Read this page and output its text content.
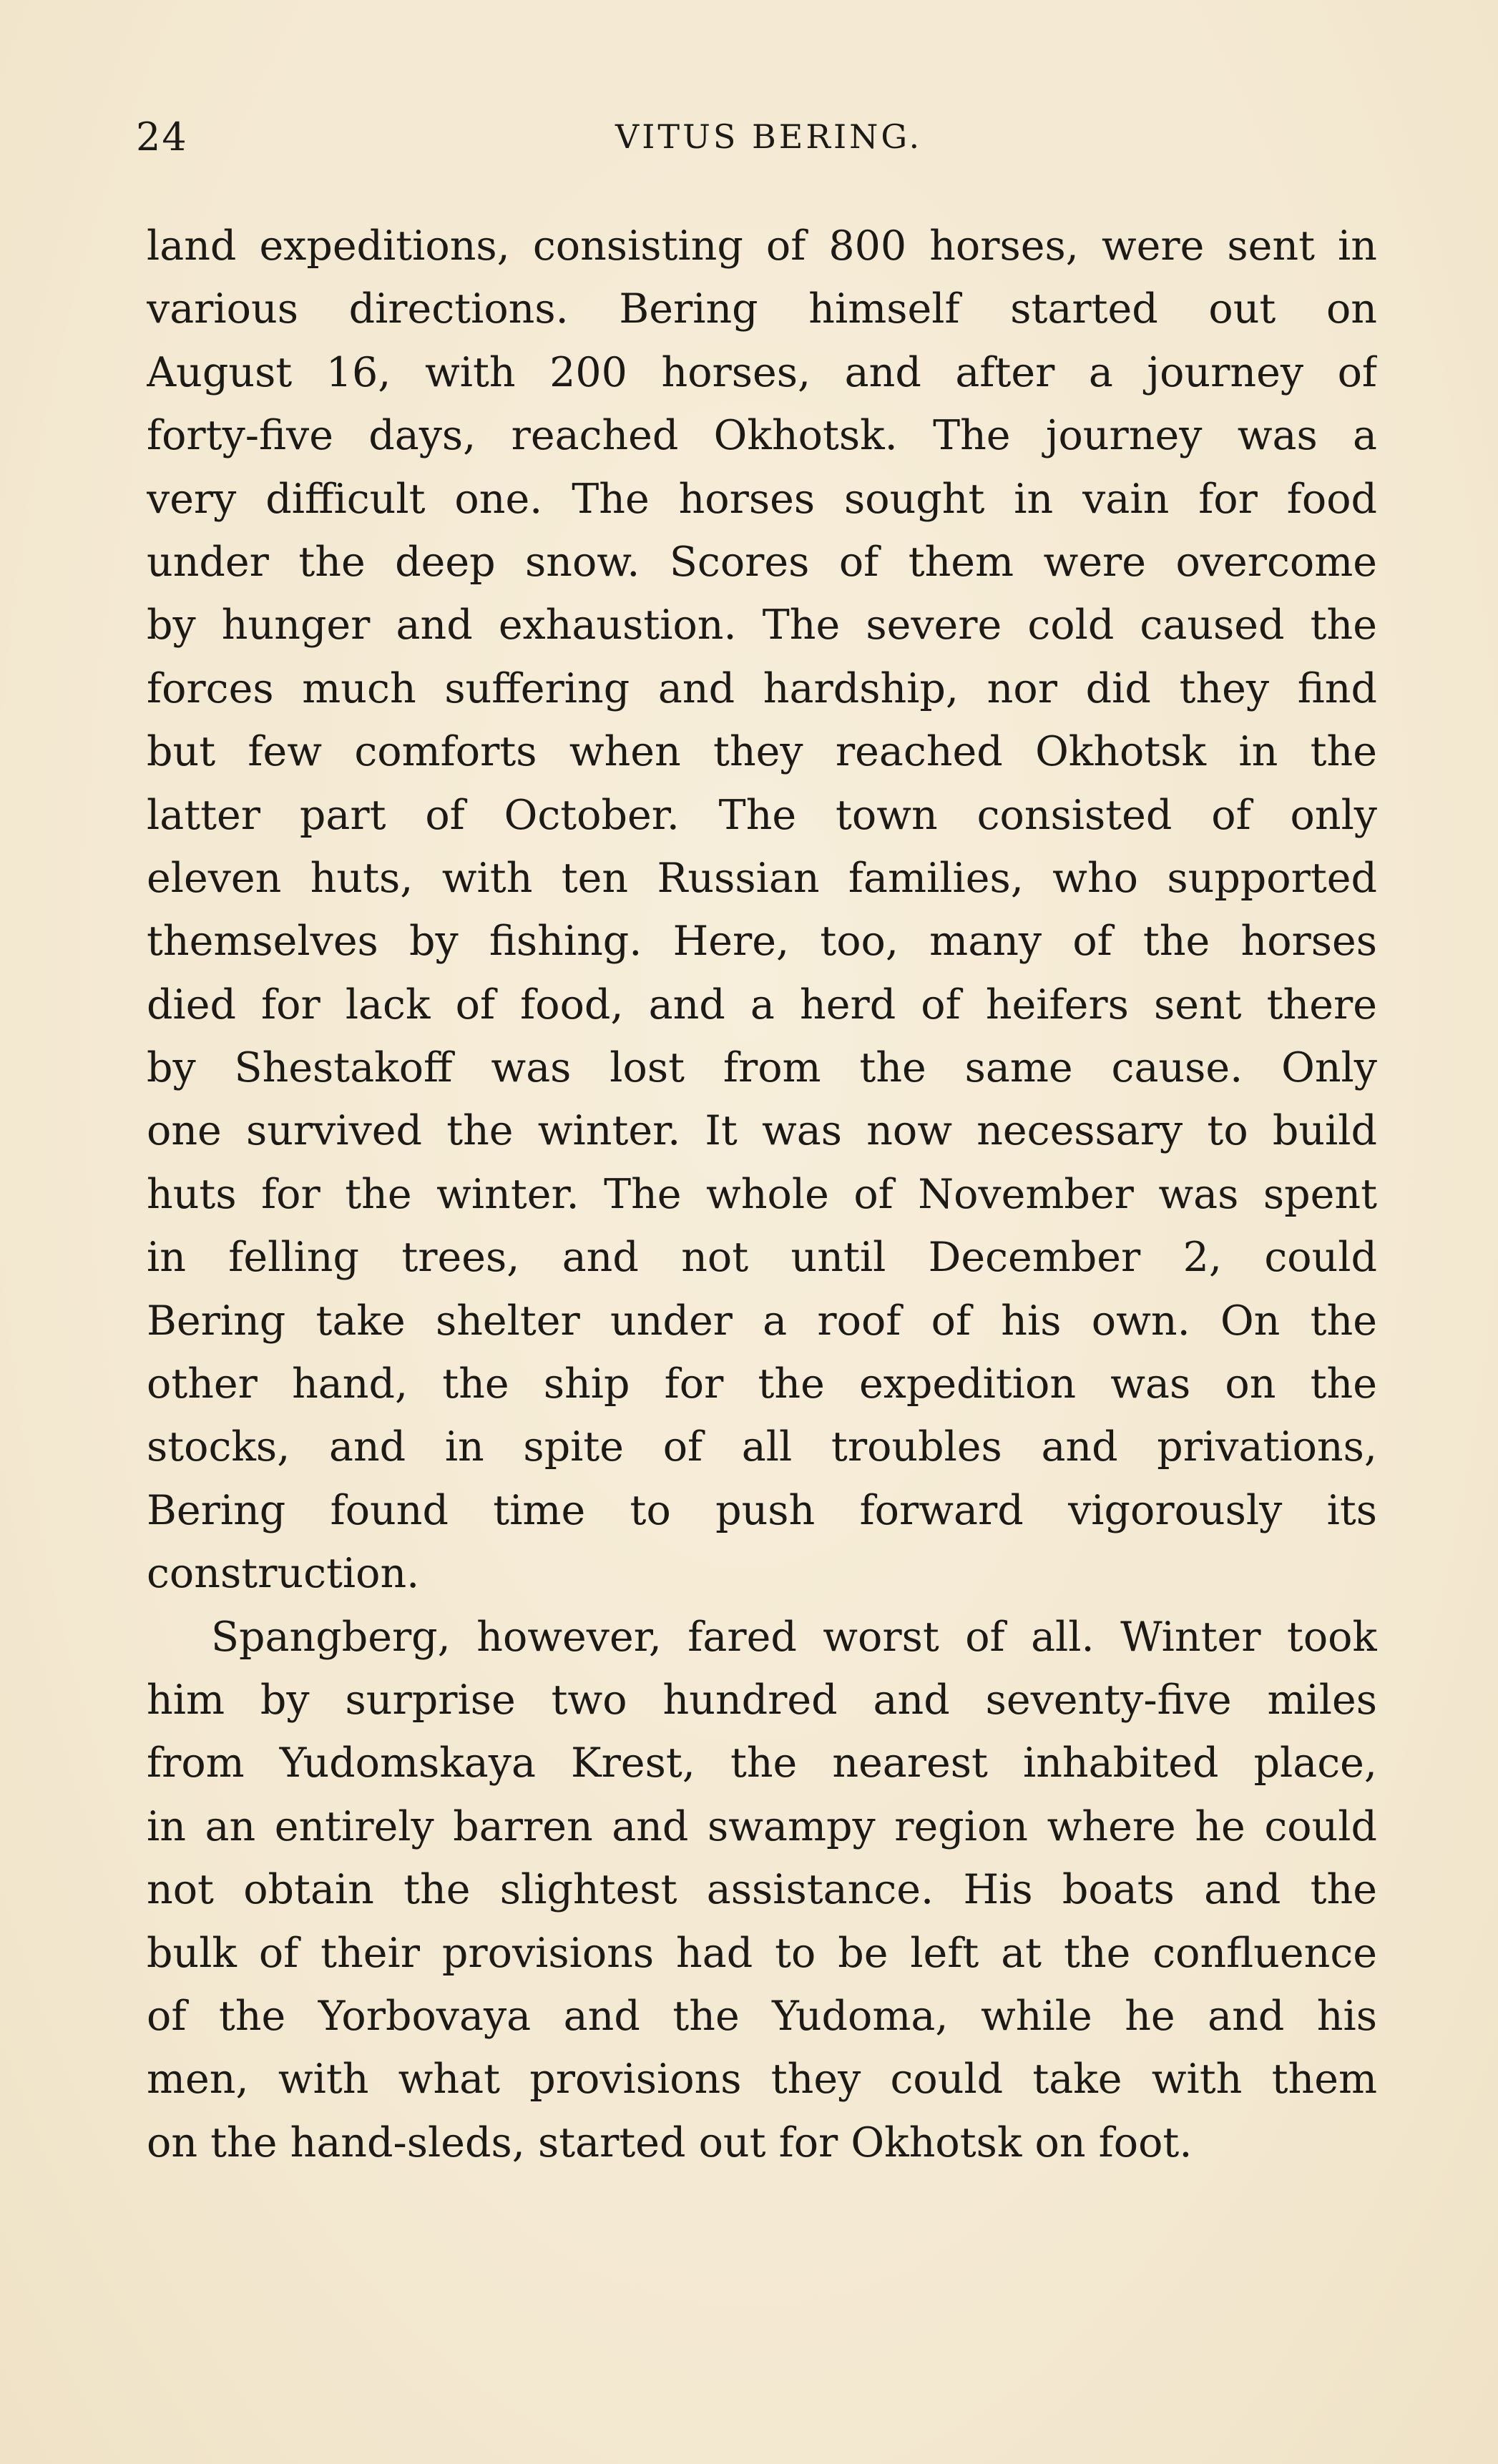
24	VITUS BERING.
land expeditions, consisting of 800 horses, were sent in
various directions. Bering himself started out on
August 16, with 200 horses, and after a journey of
forty-five days, reached Okhotsk. The journey was a
very difficult one. The horses sought in vain for food
under the deep snow. Scores of them were overcome
by hunger and exhaustion. The severe cold caused the
forces much suffering and hardship, nor did they find
but few comforts when they reached Okhotsk in the
latter part of October. The town consisted of only
eleven huts, with ten Russian families, who supported
themselves by fishing. Here, too, many of the horses
died for lack of food, and a herd of heifers sent there
by Shestakoff was lost from the same cause. Only
one survived the winter. It was now necessary to build
huts for the winter. The whole of November was spent
in felling trees, and not until December 2, could
Bering take shelter under a roof of his own. On the
other hand, the ship for the expedition was on the
stocks, and in spite of all troubles and privations,
Bering found time to push forward vigorously its
construction.
Spangberg, however, fared worst of all. Winter took
him by surprise two hundred and seventy-five miles
from Yudomskaya Krest, the nearest inhabited place,
in an entirely barren and swampy region where he could
not obtain the slightest assistance. His boats and the
bulk of their provisions had to be left at the confluence
of the Yorbovaya and the Yudoma, while he and his
men, with what provisions they could take with them
on the hand-sleds, started out for Okhotsk on foot.
